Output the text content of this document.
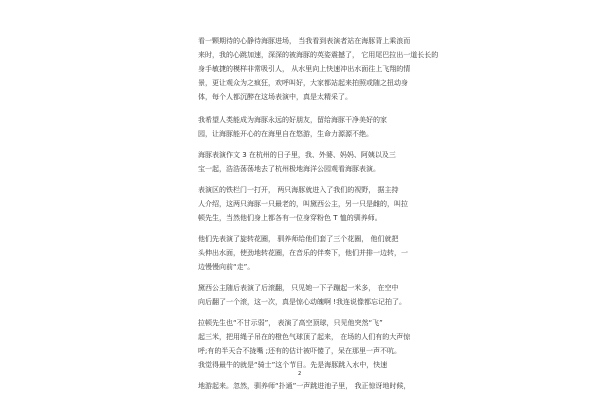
看一颗期待的心静待海豚进场， 当我看到表演者站在海豚背上乘浪而

来时，我的心跳加速，深深的被海豚的英姿震撼了， 它用尾巴拉出一道长长的

身手敏捷的模样非常吸引人， 从水里向上快速冲出水面往上飞翔的情

景，更让观众为之疯狂，欢呼叫好，大家都站起来拍照或随之扭动身

体，每个人都沉醉在这场表演中，真是太精采了。

我希望人类能成为海豚永远的好朋友，留给海豚干净美好的家

园，让海豚能开心的在海里自在悠游，生命力源源不绝。

海豚表演作文 3 在杭州的日子里，我、外婆、妈妈、阿姨以及三

宝一起，浩浩荡荡地去了杭州极地海洋公园观看海豚表演。

表演区的铁栏门一打开， 两只海豚就进入了我们的视野， 据主持

人介绍，这两只海豚一只最老的，叫黛西公主，另一只是雌的，叫拉

顿先生，当然他们身上都各有一位身穿粉色 T 恤的驯养师。

他们先表演了旋转花圈， 驯养师给他们套了三个花圈， 他们就把

头伸出水面，使劲地转花圈，在音乐的伴奏下，他们并排一边转，一

边慢慢向前“走”。

黛西公主随后表演了后滚翻， 只见她一下子蹦起一米多， 在空中

向后翻了一个滚，这一次，真是惊心动魄啊 !我连说像都忘记拍了。

拉顿先生也“不甘示弱”， 表演了高空顶球，只见他突然“飞”

起三米，把用绳子吊在的橙色气球顶了起来， 在场的人们有的大声惊

呼;有的半天合不拢嘴 ;还有的估计被吓傻了，呆在那里一声不吭。

我觉得最牛的就是“骑士”这个节目。先是海豚跳入水中，快速

地游起来。忽然，驯养师“扑通”一声跳进池子里， 我正惊讶地时候，

2
